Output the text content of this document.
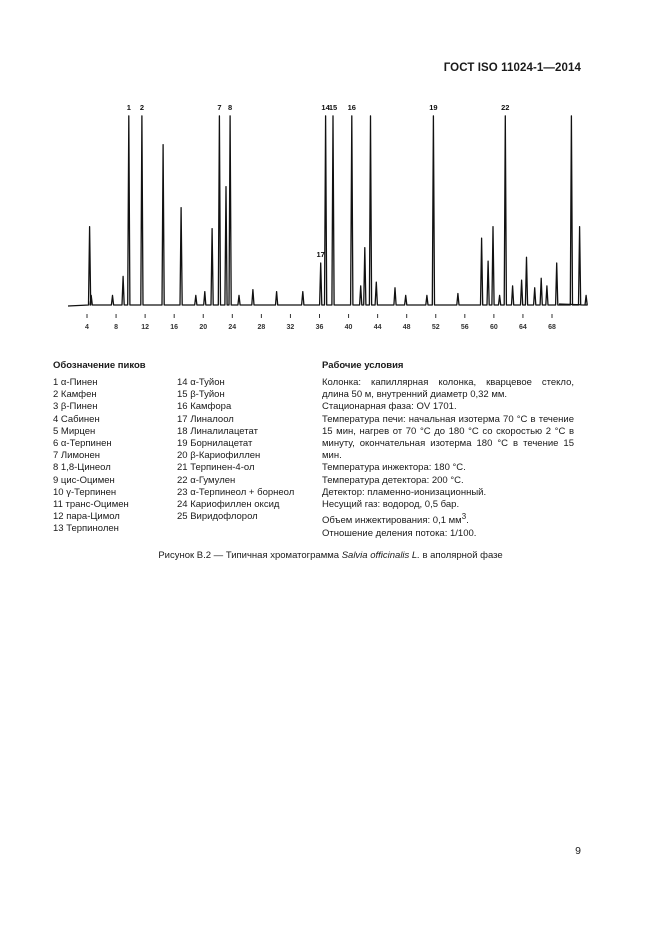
ГОСТ ISO 11024-1—2014
4	8	12	16	20	24	28	32	36	40	44	48	52	56	60	64	68
1 2	7 8
17
14 15 16	19	22
Обозначение пиков	Рабочие условия
1 α-Пинен
2 Камфен
3 β-Пинен
4 Сабинен
5 Мирцен
6 α-Терпинен
7 Лимонен
8 1,8-Цинеол
9 цис-Оцимен
10 γ-Терпинен
11 транс-Оцимен
12 пара-Цимол
13 Терпинолен
14 α-Туйон
15 β-Туйон
16 Камфора
17 Линалоол
18 Линалилацетат
19 Борнилацетат
20 β-Кариофиллен
21 Терпинен-4-ол
22 α-Гумулен
23 α-Терпинеол + борнеол
24 Кариофиллен оксид
25 Виридофлорол

Колонка: капиллярная колонка, кварцевое стекло, длина 50 м, внутренний диаметр 0,32 мм.

Стационарная фаза: OV 1701.

Температура печи: начальная изотерма 70 °C в течение 15 мин, нагрев от 70 °C до 180 °C со скоростью 2 °C в минуту, окончательная изотерма 180 °C в течение 15 мин.

Температура инжектора: 180 °C.

Температура детектора: 200 °C.

Детектор: пламенно-ионизационный.

Несущий газ: водород, 0,5 бар.

Объем инжектирования: 0,1 $мм^3$.

Отношение деления потока: 1/100.

Рисунок В.2 — Типичная хроматограмма Salvia officinalis L. в аполярной фазе
9
